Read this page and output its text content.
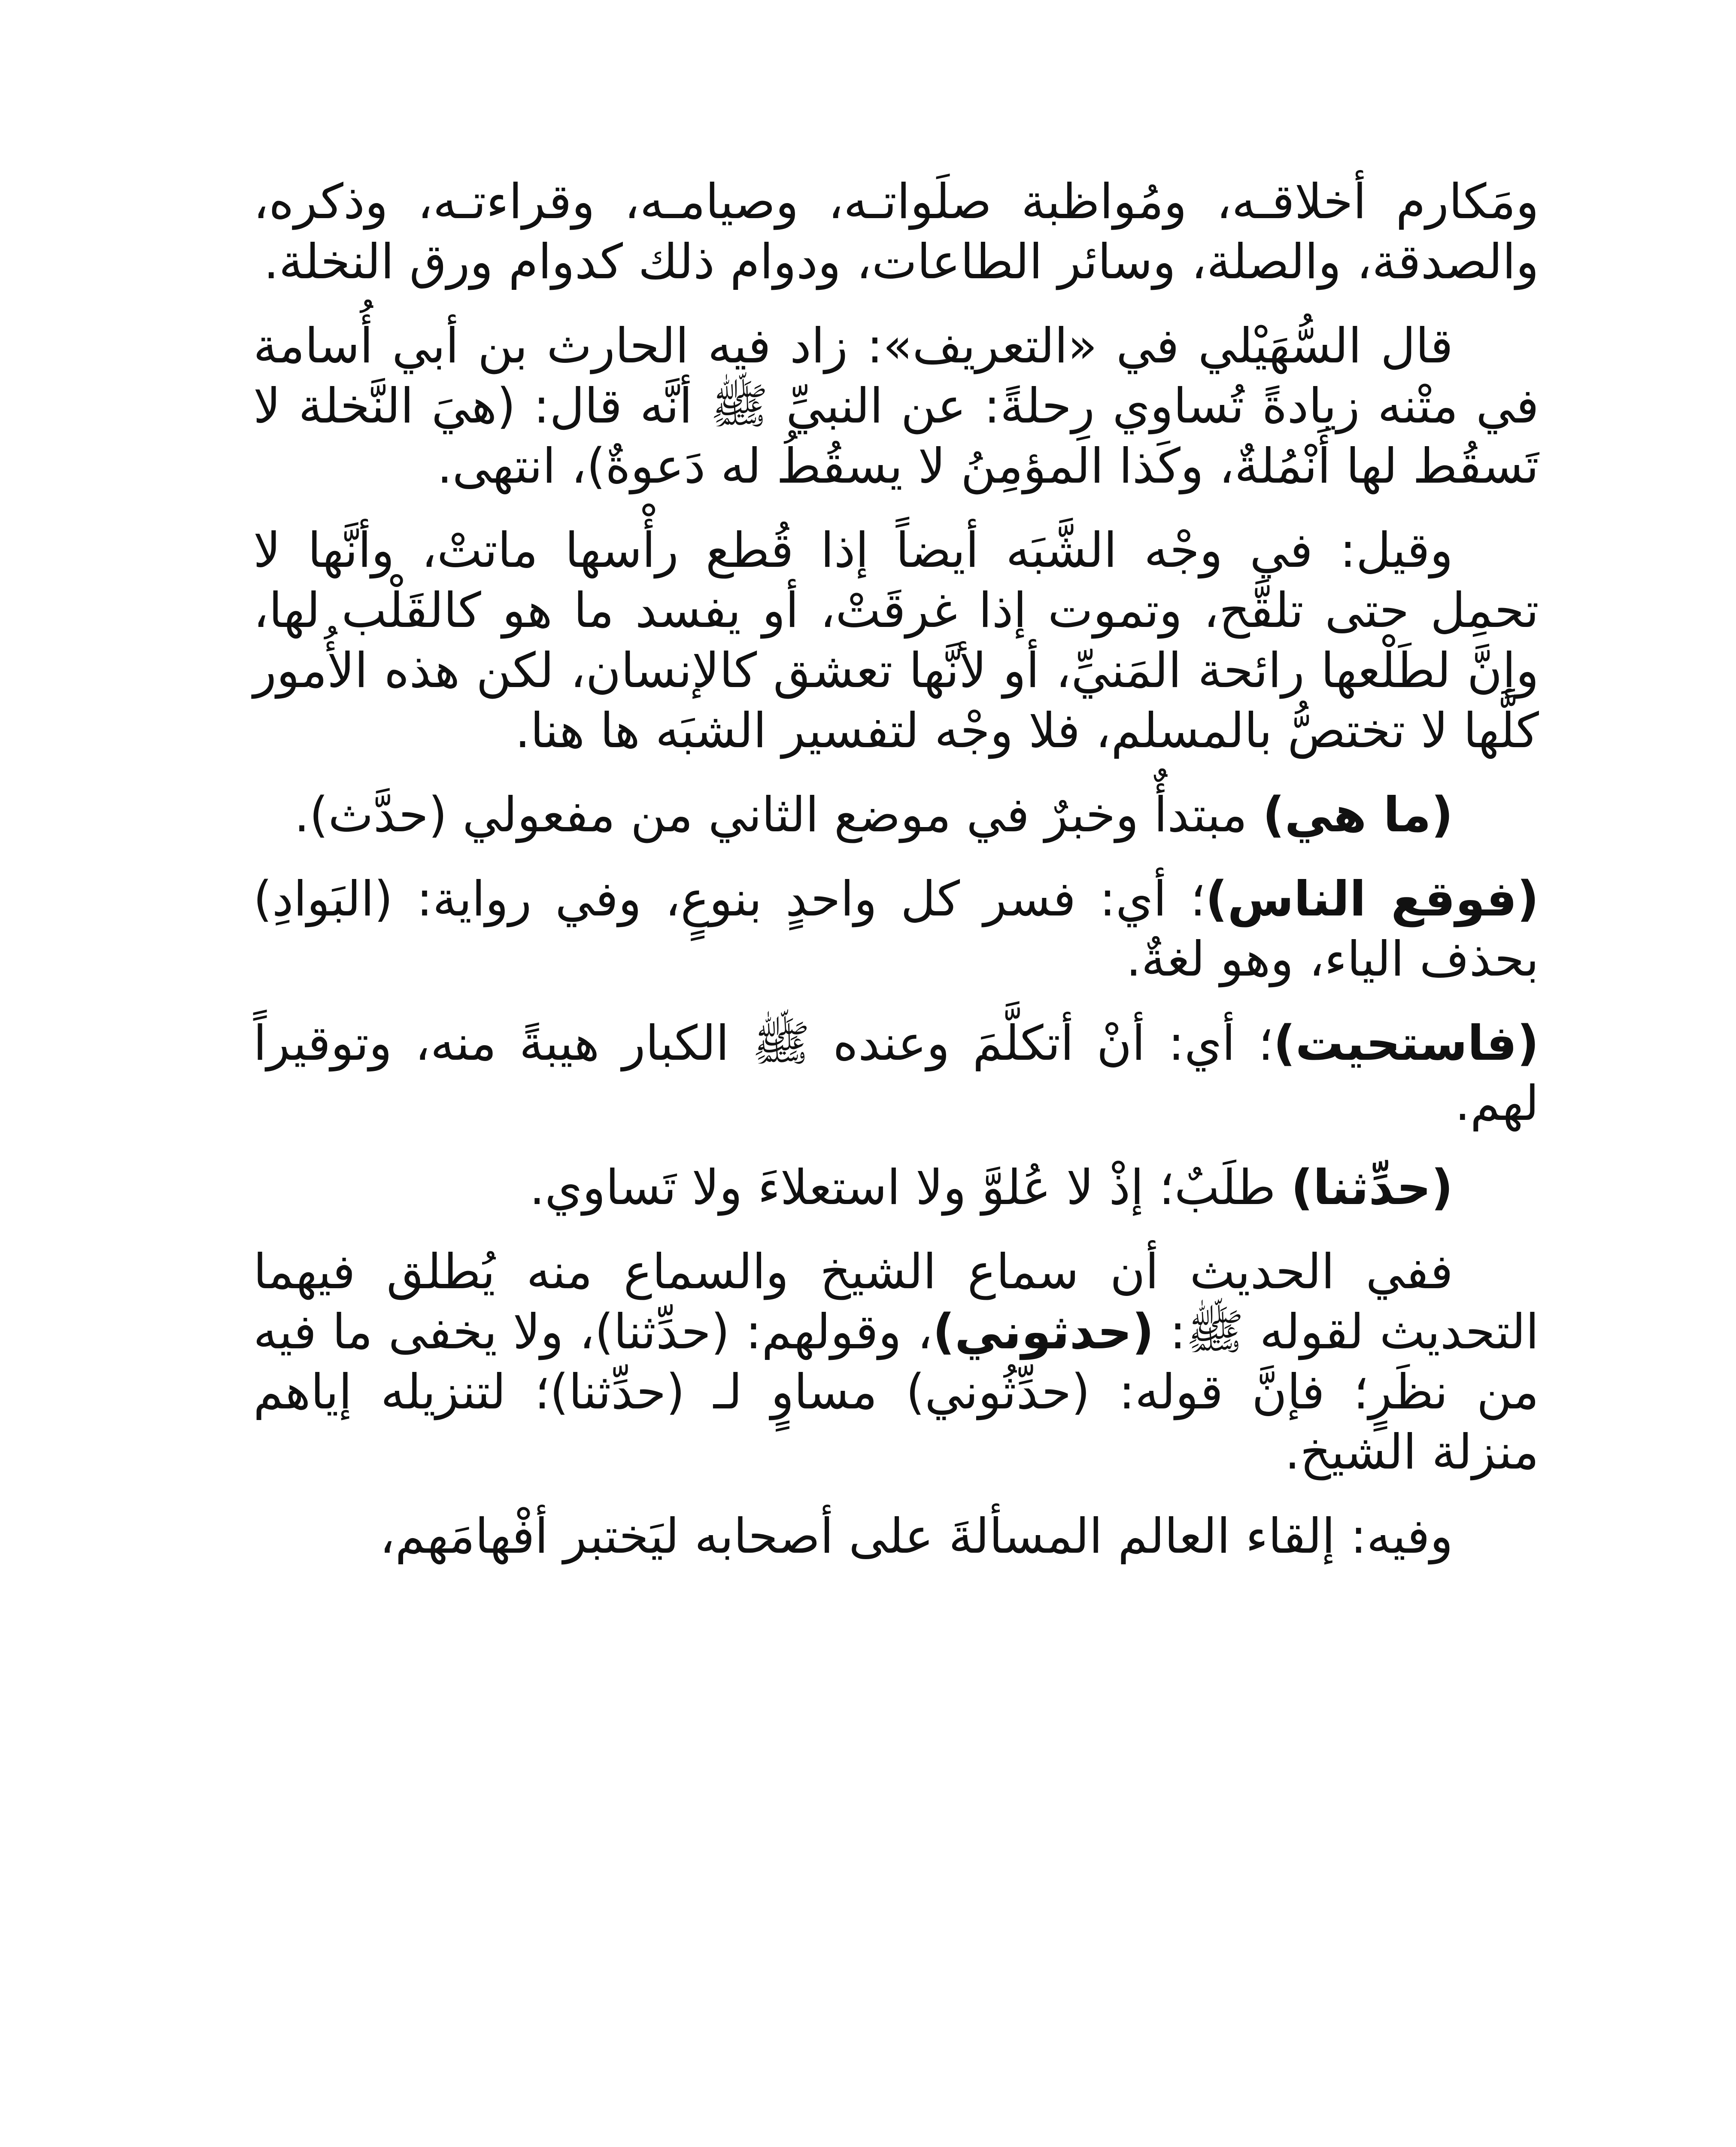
ومَكارم أخلاقـه، ومُواظبة صلَواتـه، وصيامـه، وقراءتـه، وذكره، والصدقة، والصلة، وسائر الطاعات، ودوام ذلك كدوام ورق النخلة.

قال السُّهَيْلي في «التعريف»: زاد فيه الحارث بن أبي أُسامة في متْنه زيادةً تُساوي رِحلةً: عن النبيِّ ﷺ أنَّه قال: (هيَ النَّخلة لا تَسقُط لها أَنْمُلةٌ، وكَذا المؤمِنُ لا يسقُطُ له دَعوةٌ)، انتهى.

وقيل: في وجْه الشَّبَه أيضاً إذا قُطع رأْسها ماتتْ، وأنَّها لا تحمِل حتى تلقَّح، وتموت إذا غرقَتْ، أو يفسد ما هو كالقَلْب لها، وإنَّ لطَلْعها رائحة المَنيِّ، أو لأنَّها تعشق كالإنسان، لكن هذه الأُمور كلَّها لا تختصُّ بالمسلم، فلا وجْه لتفسير الشبَه ها هنا.

(ما هي) مبتدأٌ وخبرٌ في موضع الثاني من مفعولي (حدَّث).

(فوقع الناس)؛ أي: فسر كل واحدٍ بنوعٍ، وفي رواية: (البَوادِ) بحذف الياء، وهو لغةٌ.

(فاستحيت)؛ أي: أنْ أتكلَّمَ وعنده ﷺ الكبار هيبةً منه، وتوقيراً لهم.

(حدِّثنا) طلَبٌ؛ إذْ لا عُلوَّ ولا استعلاءَ ولا تَساوي.

ففي الحديث أن سماع الشيخ والسماع منه يُطلق فيهما التحديث لقوله ﷺ: (حدثوني)، وقولهم: (حدِّثنا)، ولا يخفى ما فيه من نظَرٍ؛ فإنَّ قوله: (حدِّثُوني) مساوٍ لـ (حدِّثنا)؛ لتنزيله إياهم منزلة الشيخ.

وفيه: إلقاء العالم المسألةَ على أصحابه ليَختبر أفْهامَهم،
